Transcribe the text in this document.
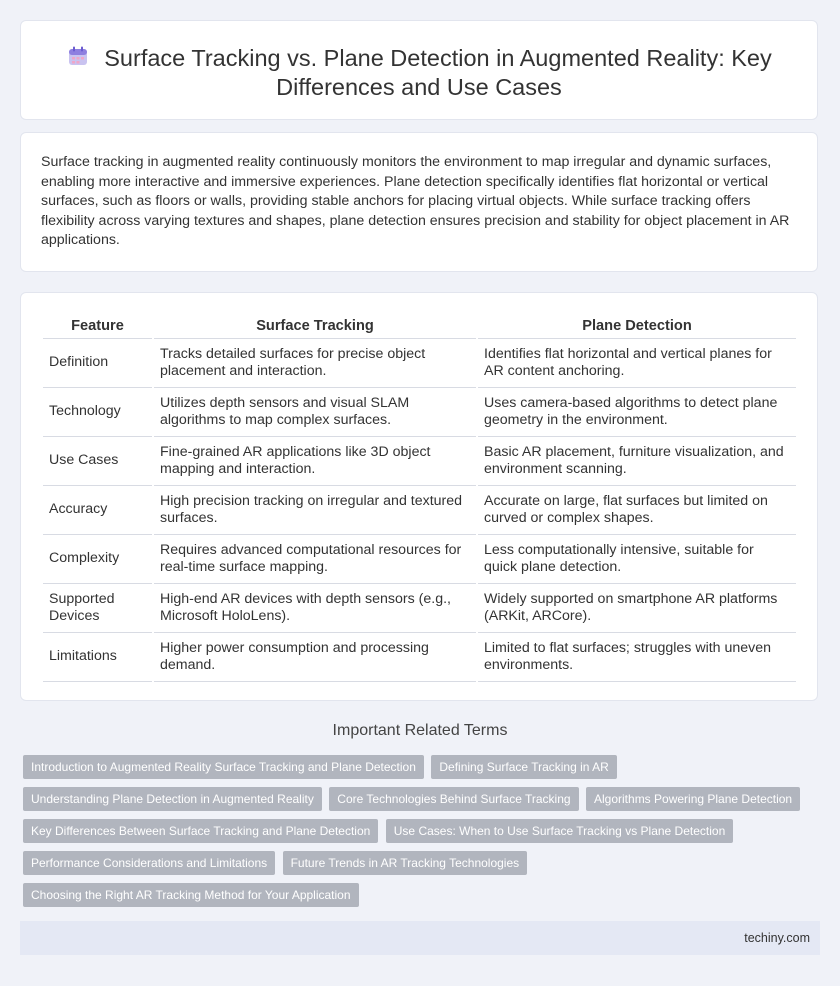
Surface Tracking vs. Plane Detection in Augmented Reality: Key Differences and Use Cases

Surface tracking in augmented reality continuously monitors the environment to map irregular and dynamic surfaces, enabling more interactive and immersive experiences. Plane detection specifically identifies flat horizontal or vertical surfaces, such as floors or walls, providing stable anchors for placing virtual objects. While surface tracking offers flexibility across varying textures and shapes, plane detection ensures precision and stability for object placement in AR applications.

Feature	Surface Tracking	Plane Detection
Definition	Tracks detailed surfaces for precise object placement and interaction.	Identifies flat horizontal and vertical planes for AR content anchoring.
Technology	Utilizes depth sensors and visual SLAM algorithms to map complex surfaces.	Uses camera-based algorithms to detect plane geometry in the environment.
Use Cases	Fine-grained AR applications like 3D object mapping and interaction.	Basic AR placement, furniture visualization, and environment scanning.
Accuracy	High precision tracking on irregular and textured surfaces.	Accurate on large, flat surfaces but limited on curved or complex shapes.
Complexity	Requires advanced computational resources for real-time surface mapping.	Less computationally intensive, suitable for quick plane detection.
Supported Devices	High-end AR devices with depth sensors (e.g., Microsoft HoloLens).	Widely supported on smartphone AR platforms (ARKit, ARCore).
Limitations	Higher power consumption and processing demand.	Limited to flat surfaces; struggles with uneven environments.
Important Related Terms
Introduction to Augmented Reality Surface Tracking and Plane Detection Defining Surface Tracking in AR Understanding Plane Detection in Augmented Reality Core Technologies Behind Surface Tracking Algorithms Powering Plane Detection Key Differences Between Surface Tracking and Plane Detection Use Cases: When to Use Surface Tracking vs Plane Detection Performance Considerations and Limitations Future Trends in AR Tracking Technologies Choosing the Right AR Tracking Method for Your Application
techiny.com
